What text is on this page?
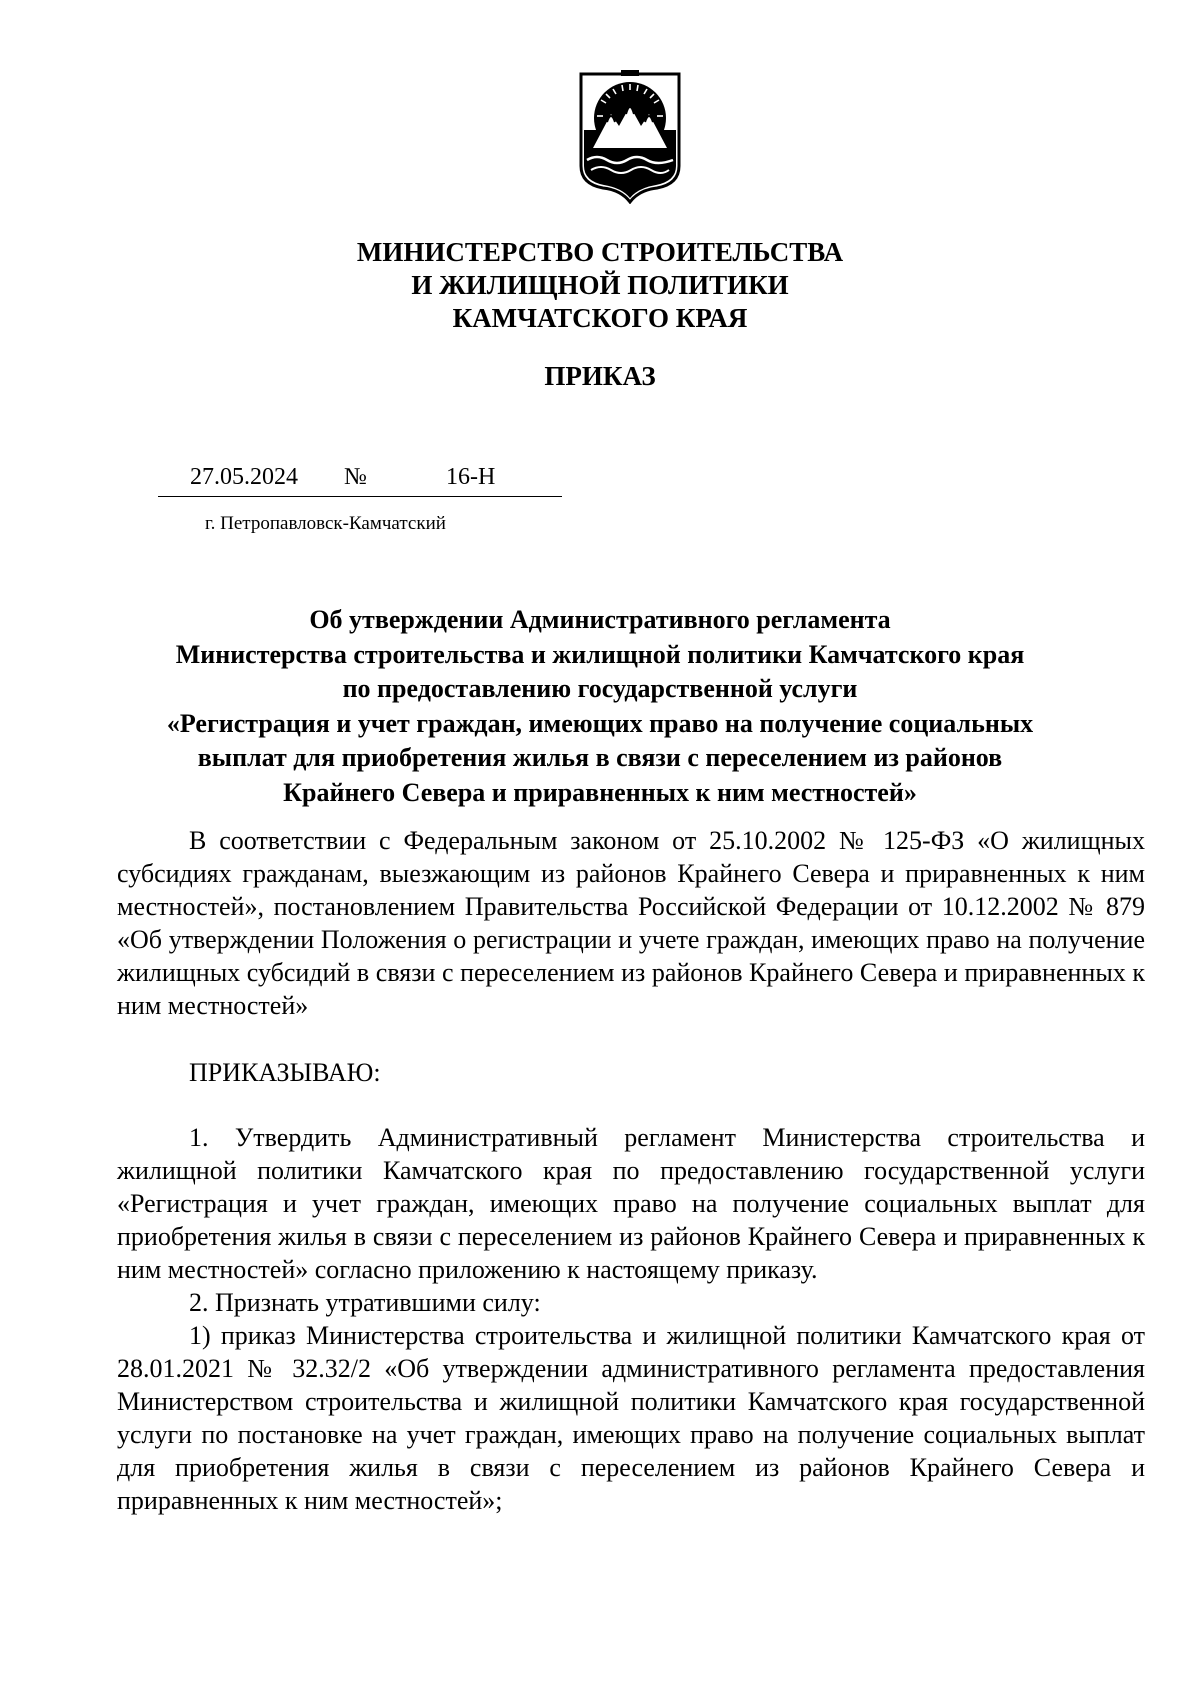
МИНИСТЕРСТВО СТРОИТЕЛЬСТВА
И ЖИЛИЩНОЙ ПОЛИТИКИ
КАМЧАТСКОГО КРАЯ
ПРИКАЗ
27.05.2024 №	16-Н
г. Петропавловск-Камчатский
Об утверждении Административного регламента
Министерства строительства и жилищной политики Камчатского края
по предоставлению государственной услуги
«Регистрация и учет граждан, имеющих право на получение социальных
выплат для приобретения жилья в связи с переселением из районов
Крайнего Севера и приравненных к ним местностей»

В соответствии с Федеральным законом от 25.10.2002 № 125-ФЗ «О жилищных субсидиях гражданам, выезжающим из районов Крайнего Севера и приравненных к ним местностей», постановлением Правительства Российской Федерации от 10.12.2002 № 879 «Об утверждении Положения о регистрации и учете граждан, имеющих право на получение жилищных субсидий в связи с переселением из районов Крайнего Севера и приравненных к ним местностей»

ПРИКАЗЫВАЮ:

1. Утвердить Административный регламент Министерства строительства и жилищной политики Камчатского края по предоставлению государственной услуги «Регистрация и учет граждан, имеющих право на получение социальных выплат для приобретения жилья в связи с переселением из районов Крайнего Севера и приравненных к ним местностей» согласно приложению к настоящему приказу.

2. Признать утратившими силу:

1) приказ Министерства строительства и жилищной политики Камчатского края от 28.01.2021 № 32.32/2 «Об утверждении административного регламента предоставления Министерством строительства и жилищной политики Камчатского края государственной услуги по постановке на учет граждан, имеющих право на получение социальных выплат для приобретения жилья в связи с переселением из районов Крайнего Севера и приравненных к ним местностей»;
